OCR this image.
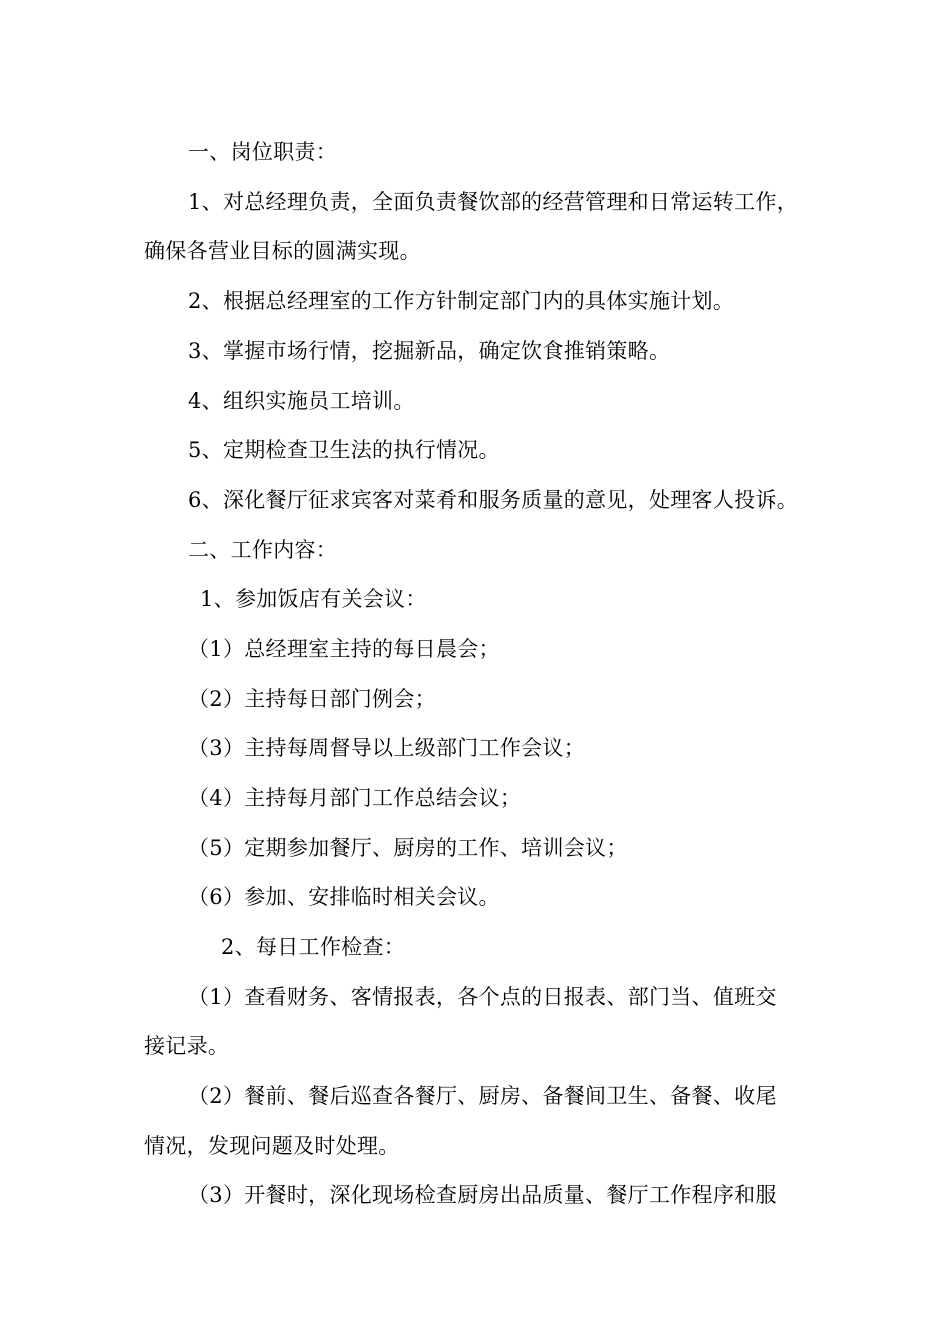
一、岗位职责：
1、对总经理负责，全面负责餐饮部的经营管理和日常运转工作，
确保各营业目标的圆满实现。
2、根据总经理室的工作方针制定部门内的具体实施计划。
3、掌握市场行情，挖掘新品，确定饮食推销策略。
4、组织实施员工培训。
5、定期检查卫生法的执行情况。
6、深化餐厅征求宾客对菜肴和服务质量的意见，处理客人投诉。
二、工作内容：
1、参加饭店有关会议：
（1）总经理室主持的每日晨会；
（2）主持每日部门例会；
（3）主持每周督导以上级部门工作会议；
（4）主持每月部门工作总结会议；
（5）定期参加餐厅、厨房的工作、培训会议；
（6）参加、安排临时相关会议。
2、每日工作检查：
（1）查看财务、客情报表，各个点的日报表、部门当、值班交
接记录。
（2）餐前、餐后巡查各餐厅、厨房、备餐间卫生、备餐、收尾
情况，发现问题及时处理。
（3）开餐时，深化现场检查厨房出品质量、餐厅工作程序和服
